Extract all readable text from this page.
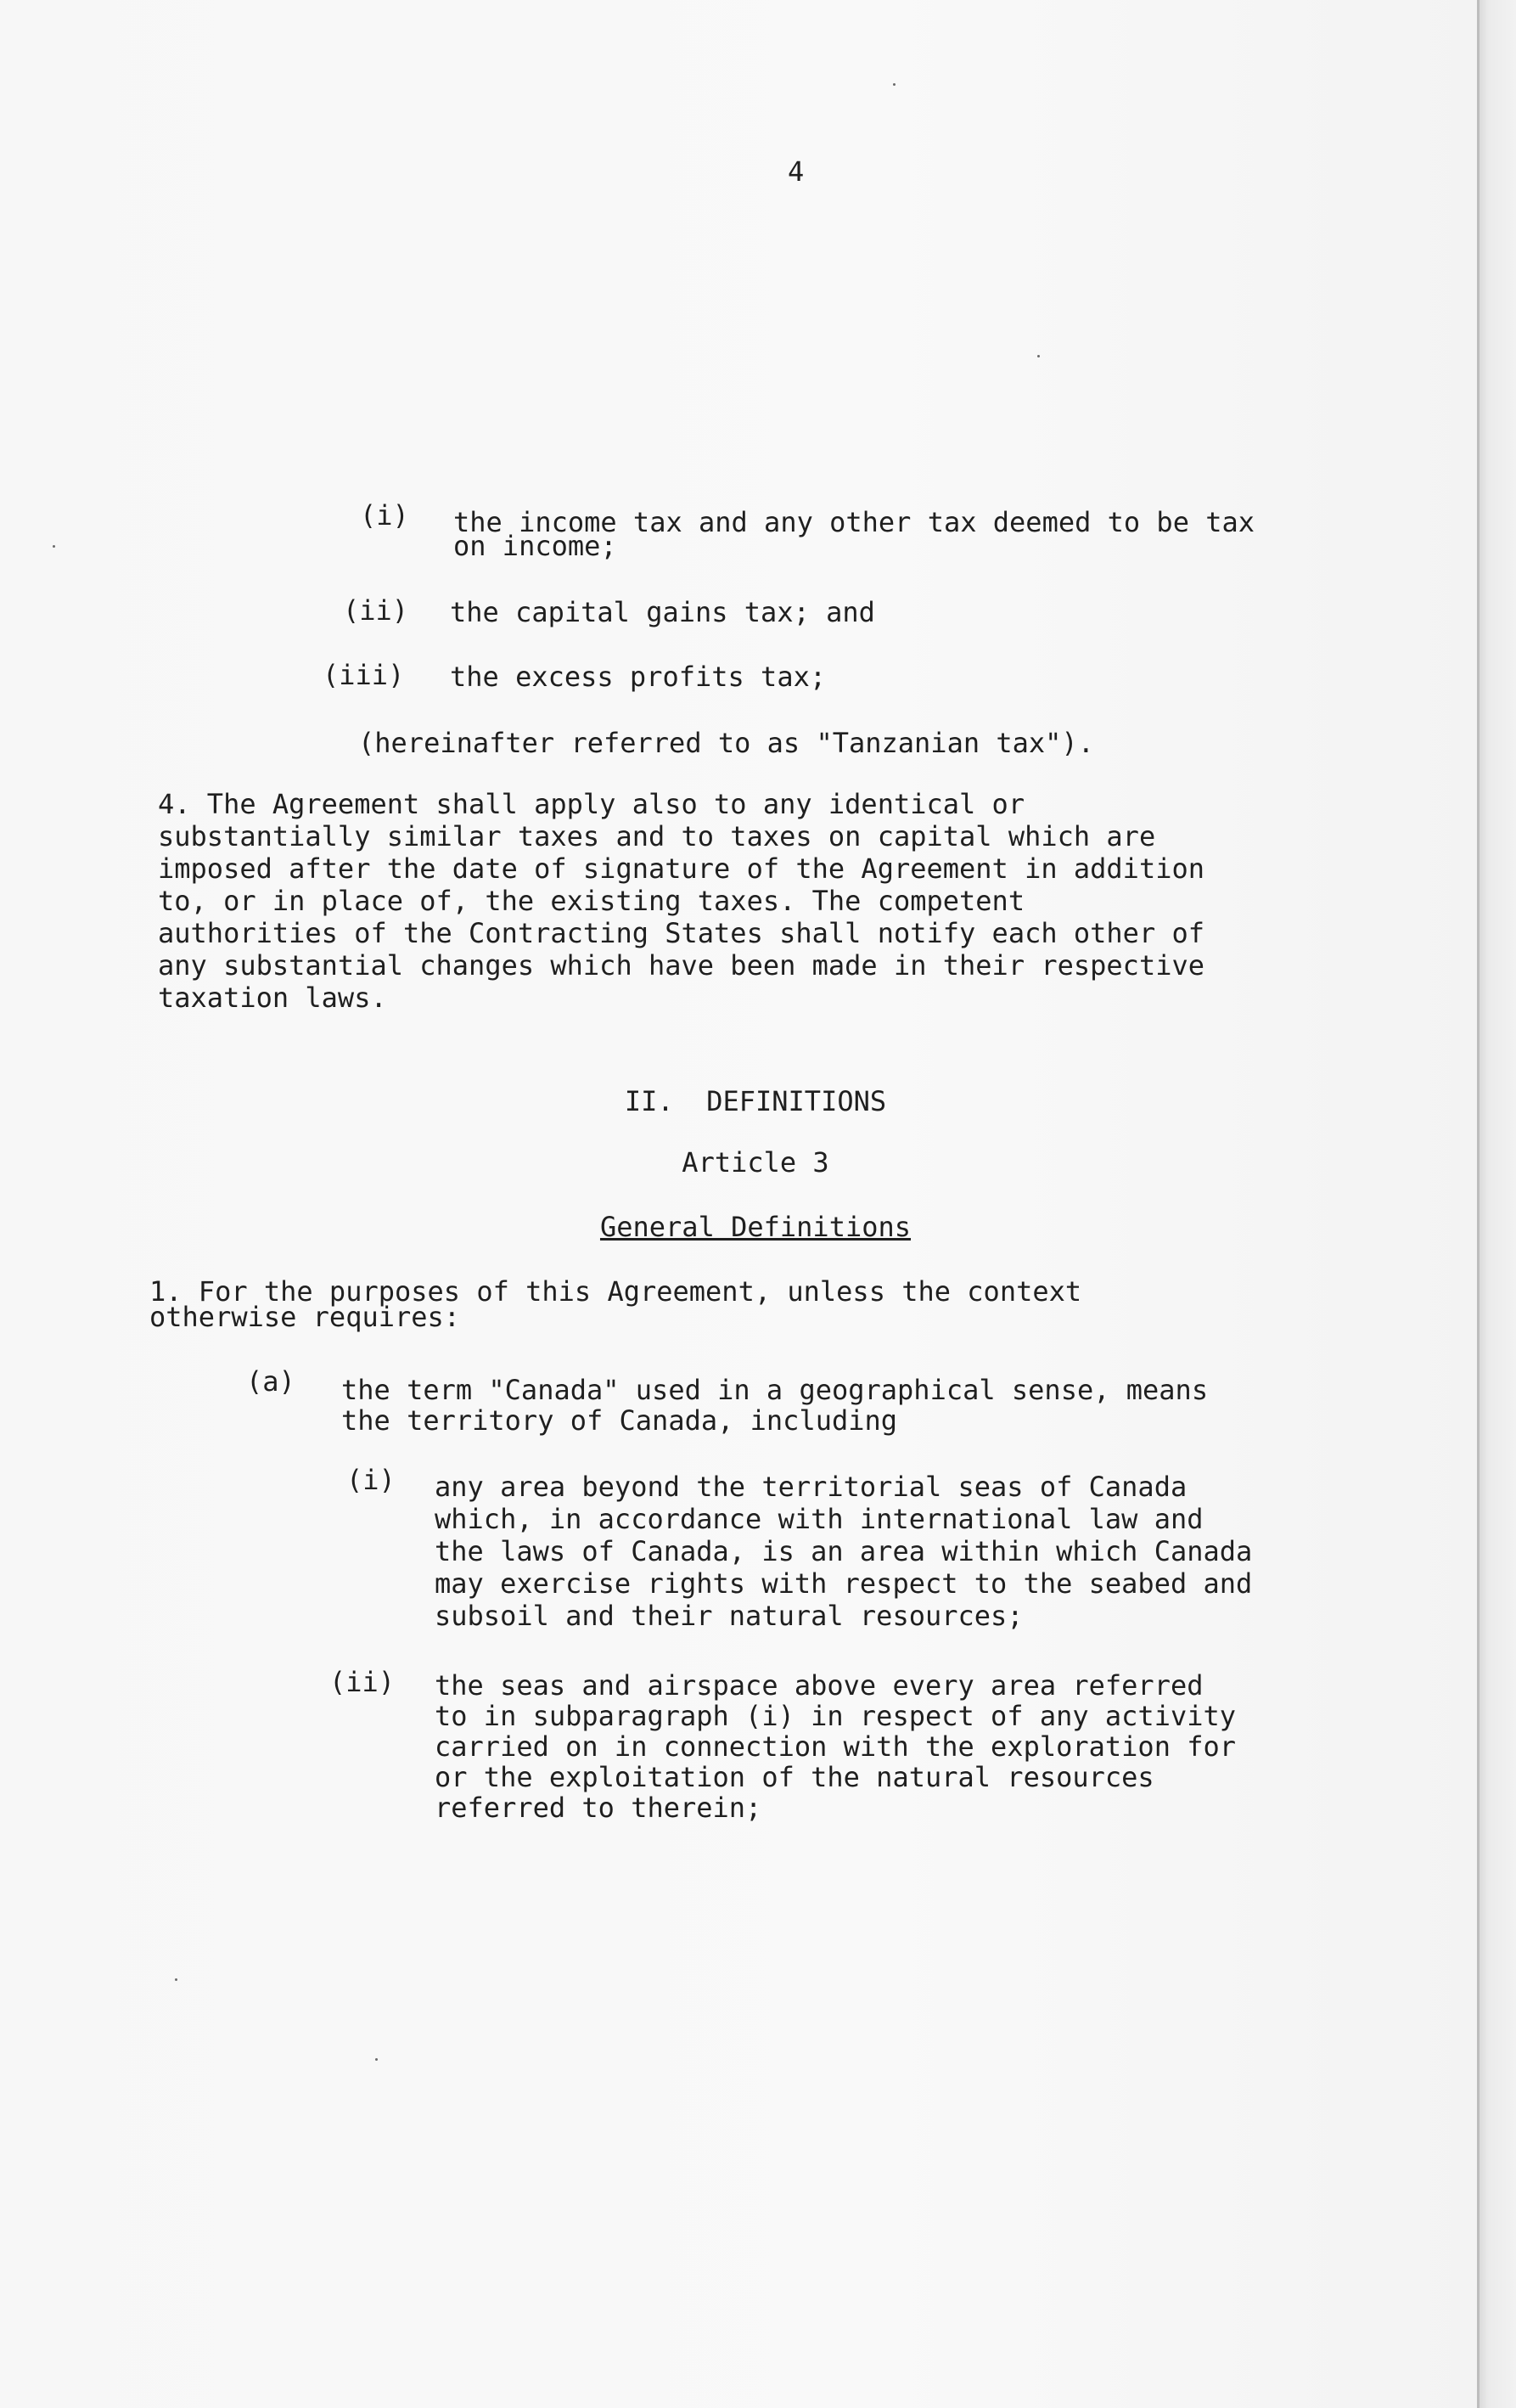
4
(i) the income tax and any other tax deemed to be tax
on income;
(ii) the capital gains tax; and
(iii) the excess profits tax;
(hereinafter referred to as "Tanzanian tax").
4. The Agreement shall apply also to any identical or
substantially similar taxes and to taxes on capital which are
imposed after the date of signature of the Agreement in addition
to, or in place of, the existing taxes. The competent
authorities of the Contracting States shall notify each other of
any substantial changes which have been made in their respective
taxation laws.
II.  DEFINITIONS
Article 3
General Definitions
1. For the purposes of this Agreement, unless the context
otherwise requires:
(a) the term "Canada" used in a geographical sense, means
the territory of Canada, including
(i) any area beyond the territorial seas of Canada
which, in accordance with international law and
the laws of Canada, is an area within which Canada
may exercise rights with respect to the seabed and
subsoil and their natural resources;
(ii) the seas and airspace above every area referred
to in subparagraph (i) in respect of any activity
carried on in connection with the exploration for
or the exploitation of the natural resources
referred to therein;
